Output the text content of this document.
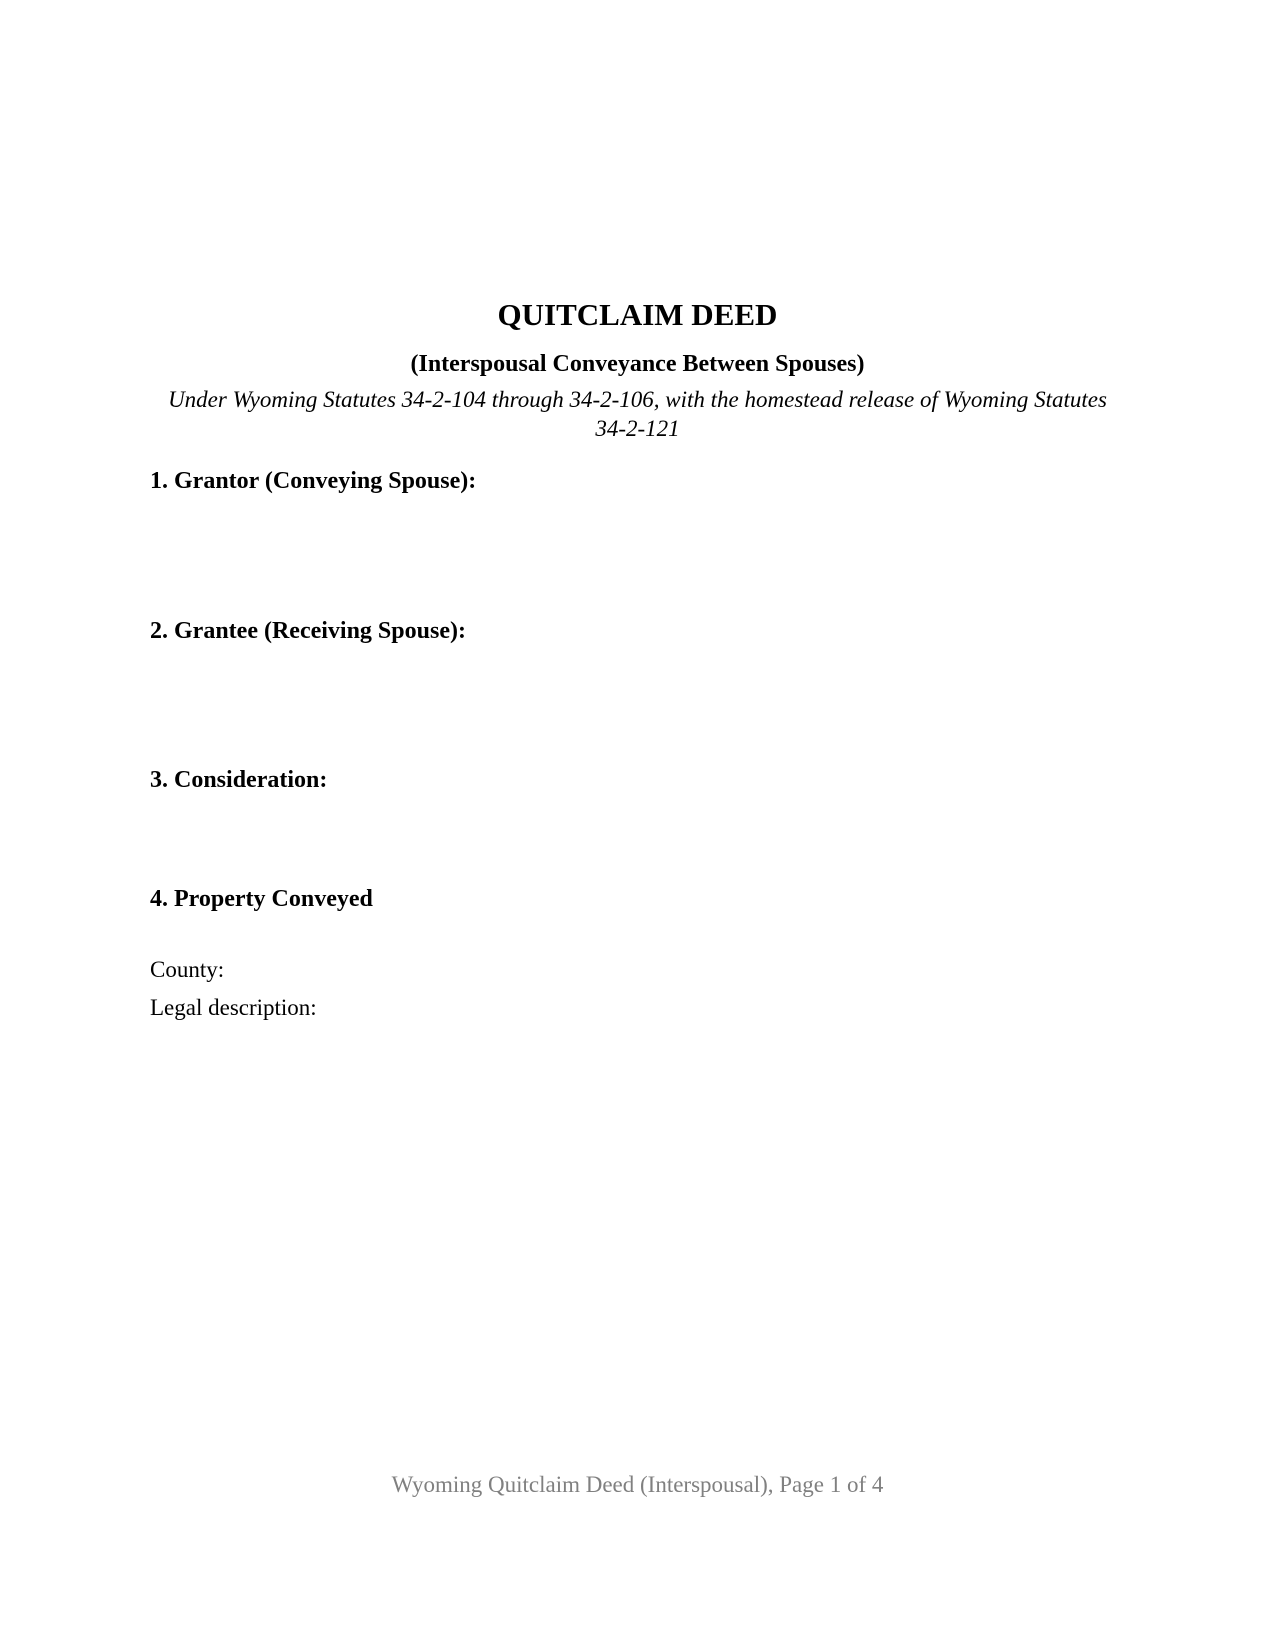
QUITCLAIM DEED
(Interspousal Conveyance Between Spouses)
Under Wyoming Statutes 34-2-104 through 34-2-106, with the homestead release of Wyoming Statutes 34-2-121
1. Grantor (Conveying Spouse):
2. Grantee (Receiving Spouse):
3. Consideration:
4. Property Conveyed
County:
Legal description:
Wyoming Quitclaim Deed (Interspousal), Page 1 of 4
